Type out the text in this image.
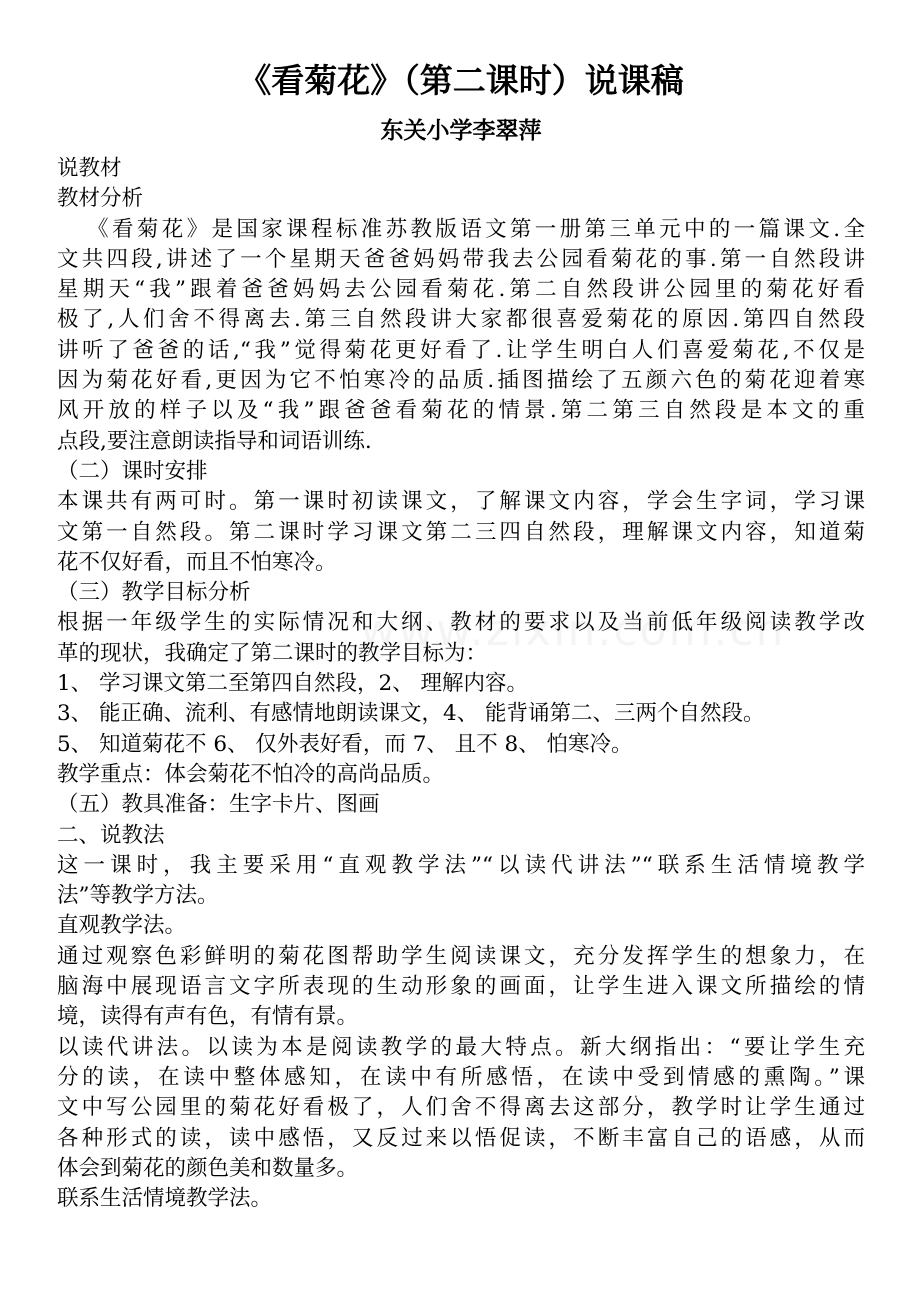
《看菊花》（第二课时）说课稿
东关小学李翠萍

说教材

教材分析

《看菊花》是国家课程标准苏教版语文第一册第三单元中的一篇课文.全

文共四段,讲述了一个星期天爸爸妈妈带我去公园看菊花的事.第一自然段讲

星期天“我”跟着爸爸妈妈去公园看菊花.第二自然段讲公园里的菊花好看

极了,人们舍不得离去.第三自然段讲大家都很喜爱菊花的原因.第四自然段

讲听了爸爸的话,“我”觉得菊花更好看了.让学生明白人们喜爱菊花,不仅是

因为菊花好看,更因为它不怕寒冷的品质.插图描绘了五颜六色的菊花迎着寒

风开放的样子以及“我”跟爸爸看菊花的情景.第二第三自然段是本文的重

点段,要注意朗读指导和词语训练.

（二）课时安排

本课共有两可时。第一课时初读课文，了解课文内容，学会生字词，学习课

文第一自然段。第二课时学习课文第二三四自然段，理解课文内容，知道菊

花不仅好看，而且不怕寒冷。

（三）教学目标分析

根据一年级学生的实际情况和大纲、教材的要求以及当前低年级阅读教学改

革的现状，我确定了第二课时的教学目标为：

1、 学习课文第二至第四自然段，2、 理解内容。

3、 能正确、流利、有感情地朗读课文，4、 能背诵第二、三两个自然段。

5、 知道菊花不 6、 仅外表好看，而 7、 且不 8、 怕寒冷。

教学重点：体会菊花不怕冷的高尚品质。

（五）教具准备：生字卡片、图画

二、说教法

这一课时，我主要采用“直观教学法”“以读代讲法”“联系生活情境教学

法”等教学方法。

直观教学法。

通过观察色彩鲜明的菊花图帮助学生阅读课文，充分发挥学生的想象力，在

脑海中展现语言文字所表现的生动形象的画面，让学生进入课文所描绘的情

境，读得有声有色，有情有景。

以读代讲法。以读为本是阅读教学的最大特点。新大纲指出：“要让学生充

分的读，在读中整体感知，在读中有所感悟，在读中受到情感的熏陶。”课

文中写公园里的菊花好看极了，人们舍不得离去这部分，教学时让学生通过

各种形式的读，读中感悟，又反过来以悟促读，不断丰富自己的语感，从而

体会到菊花的颜色美和数量多。

联系生活情境教学法。
